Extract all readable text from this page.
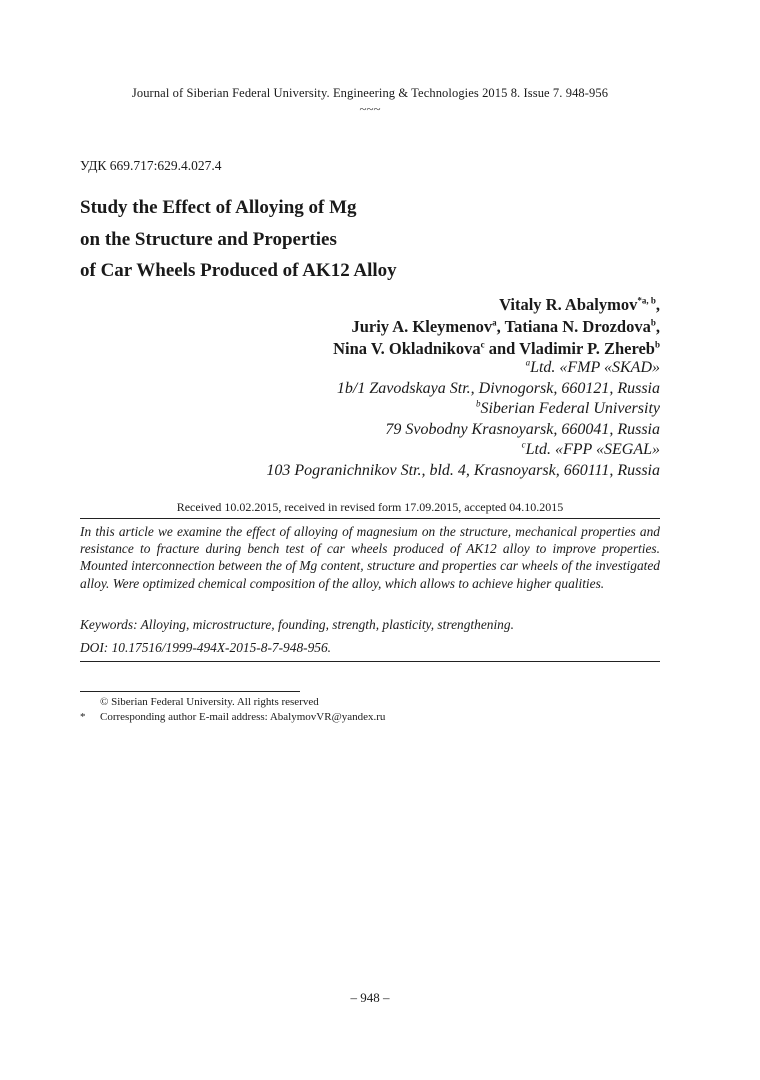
Journal of Siberian Federal University. Engineering & Technologies 2015 8. Issue 7. 948-956
~~~
УДК 669.717:629.4.027.4
Study the Effect of Alloying of Mg
on the Structure and Properties
of Car Wheels Produced of AK12 Alloy
Vitaly R. Abalymov$^{*a, b}$,
Juriy A. Kleymenov$^a$, Tatiana N. Drozdova$^b$,
Nina V. Okladnikova$^c$ and Vladimir P. Zhereb$^b$
$^a$Ltd. «FMP «SKAD»
1b/1 Zavodskaya Str., Divnogorsk, 660121, Russia
$^b$Siberian Federal University
79 Svobodny Krasnoyarsk, 660041, Russia
$^c$Ltd. «FPP «SEGAL»
103 Pogranichnikov Str., bld. 4, Krasnoyarsk, 660111, Russia
Received 10.02.2015, received in revised form 17.09.2015, accepted 04.10.2015
In this article we examine the effect of alloying of magnesium on the structure, mechanical properties and resistance to fracture during bench test of car wheels produced of AK12 alloy to improve properties. Mounted interconnection between the of Mg content, structure and properties car wheels of the investigated alloy. Were optimized chemical composition of the alloy, which allows to achieve higher qualities.
Keywords: Alloying, microstructure, founding, strength, plasticity, strengthening.
DOI: 10.17516/1999-494X-2015-8-7-948-956.
© Siberian Federal University. All rights reserved
* Corresponding author E-mail address: AbalymovVR@yandex.ru
– 948 –
